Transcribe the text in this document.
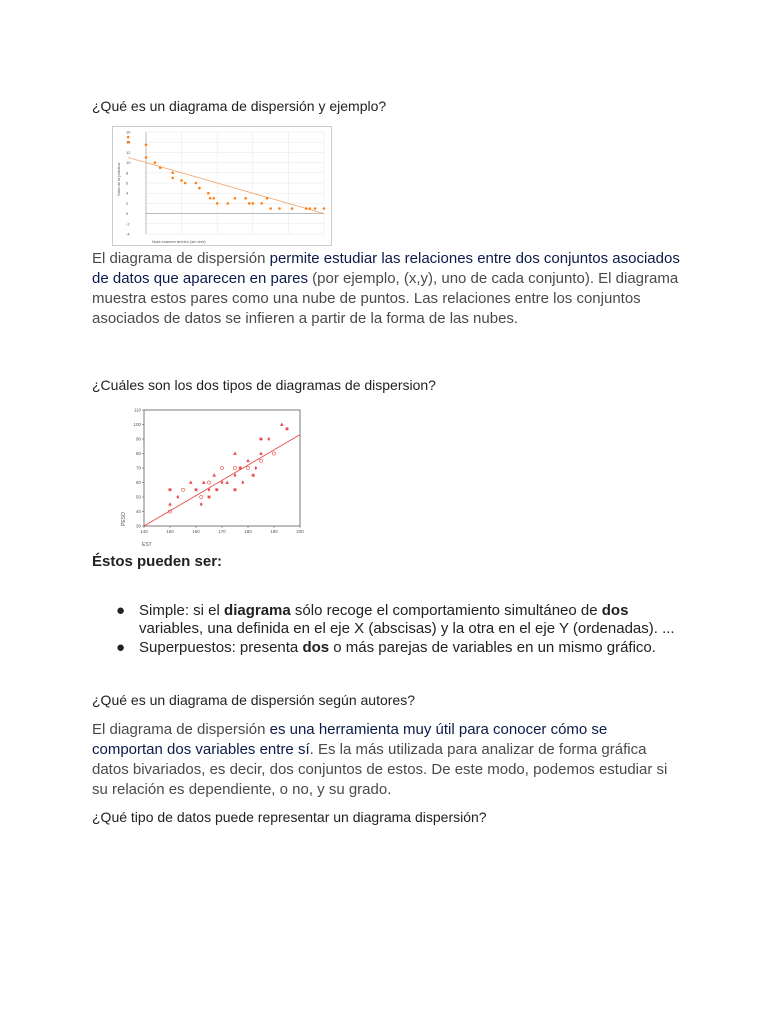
¿Qué es un diagrama de dispersión y ejemplo?
16
12
10
8
6
4
2
0
-2
-4
Nota examen teórico (sin leer)
Nota de la práctica
El diagrama de dispersión permite estudiar las relaciones entre dos conjuntos asociados de datos que aparecen en pares (por ejemplo, (x,y), uno de cada conjunto). El diagrama muestra estos pares como una nube de puntos. Las relaciones entre los conjuntos asociados de datos se infieren a partir de la forma de las nubes.
¿Cuáles son los dos tipos de diagramas de dispersion?
110
100
90
80
70
60
50
40
30
140	150	160	170	180	190	200
EST
PESO
Éstos pueden ser:
● Simple: si el diagrama sólo recoge el comportamiento simultáneo de dos variables, una definida en el eje X (abscisas) y la otra en el eje Y (ordenadas). ...
● Superpuestos: presenta dos o más parejas de variables en un mismo gráfico.
¿Qué es un diagrama de dispersión según autores?
El diagrama de dispersión es una herramienta muy útil para conocer cómo se comportan dos variables entre sí. Es la más utilizada para analizar de forma gráfica datos bivariados, es decir, dos conjuntos de estos. De este modo, podemos estudiar si su relación es dependiente, o no, y su grado.
¿Qué tipo de datos puede representar un diagrama dispersión?
